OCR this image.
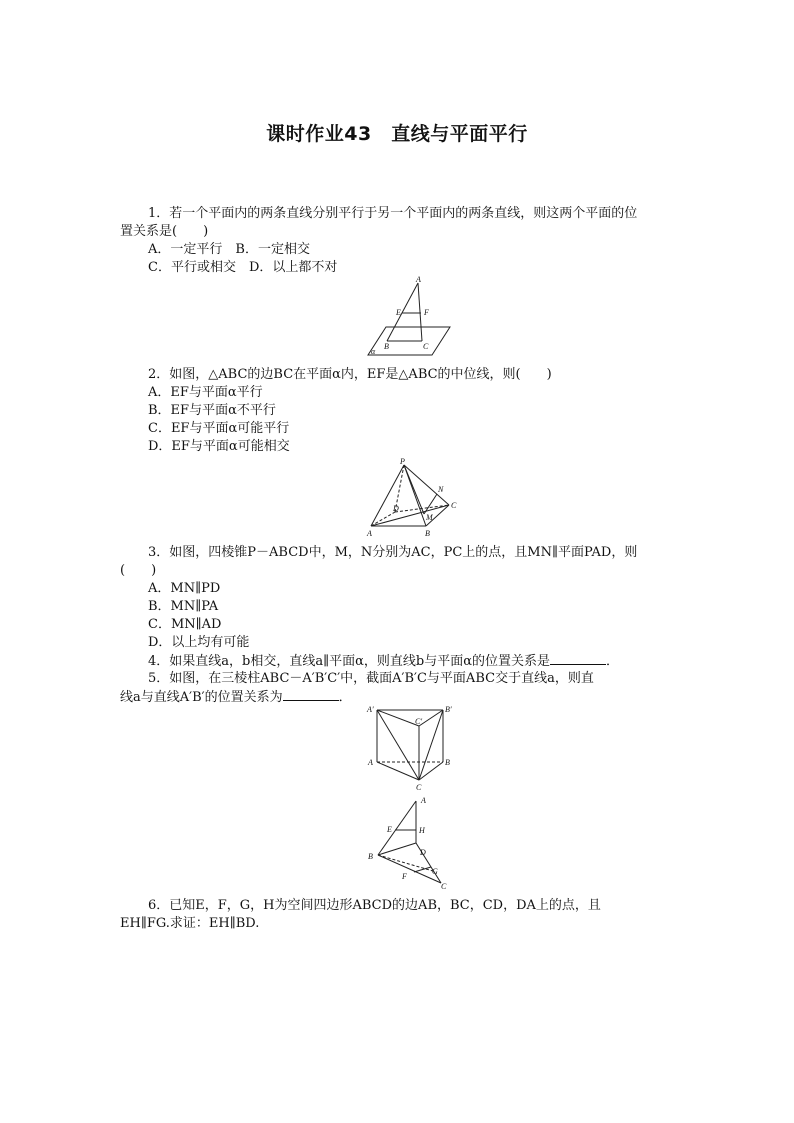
课时作业43　直线与平面平行
1．若一个平面内的两条直线分别平行于另一个平面内的两条直线，则这两个平面的位
置关系是(　　)
A．一定平行　B．一定相交
C．平行或相交　D．以上都不对
A
E	F
B	C
α
2．如图，△ABC的边BC在平面α内，EF是△ABC的中位线，则(　　)
A．EF与平面α平行
B．EF与平面α不平行
C．EF与平面α可能平行
D．EF与平面α可能相交
P
N
C
D
M
A	B
3．如图，四棱锥P－ABCD中，M，N分别为AC，PC上的点，且MN∥平面PAD，则
(　　)
A．MN∥PD
B．MN∥PA
C．MN∥AD
D．以上均有可能
4．如果直线a，b相交，直线a∥平面α，则直线b与平面α的位置关系是	．
5．如图，在三棱柱ABC－A′B′C′中，截面A′B′C与平面ABC交于直线a，则直
线a与直线A′B′的位置关系为	．
A′	B′
C′
A	B
C
A
E	H
B	D
F
G
C
6．已知E，F，G，H为空间四边形ABCD的边AB，BC，CD，DA上的点，且
EH∥FG.求证：EH∥BD.
